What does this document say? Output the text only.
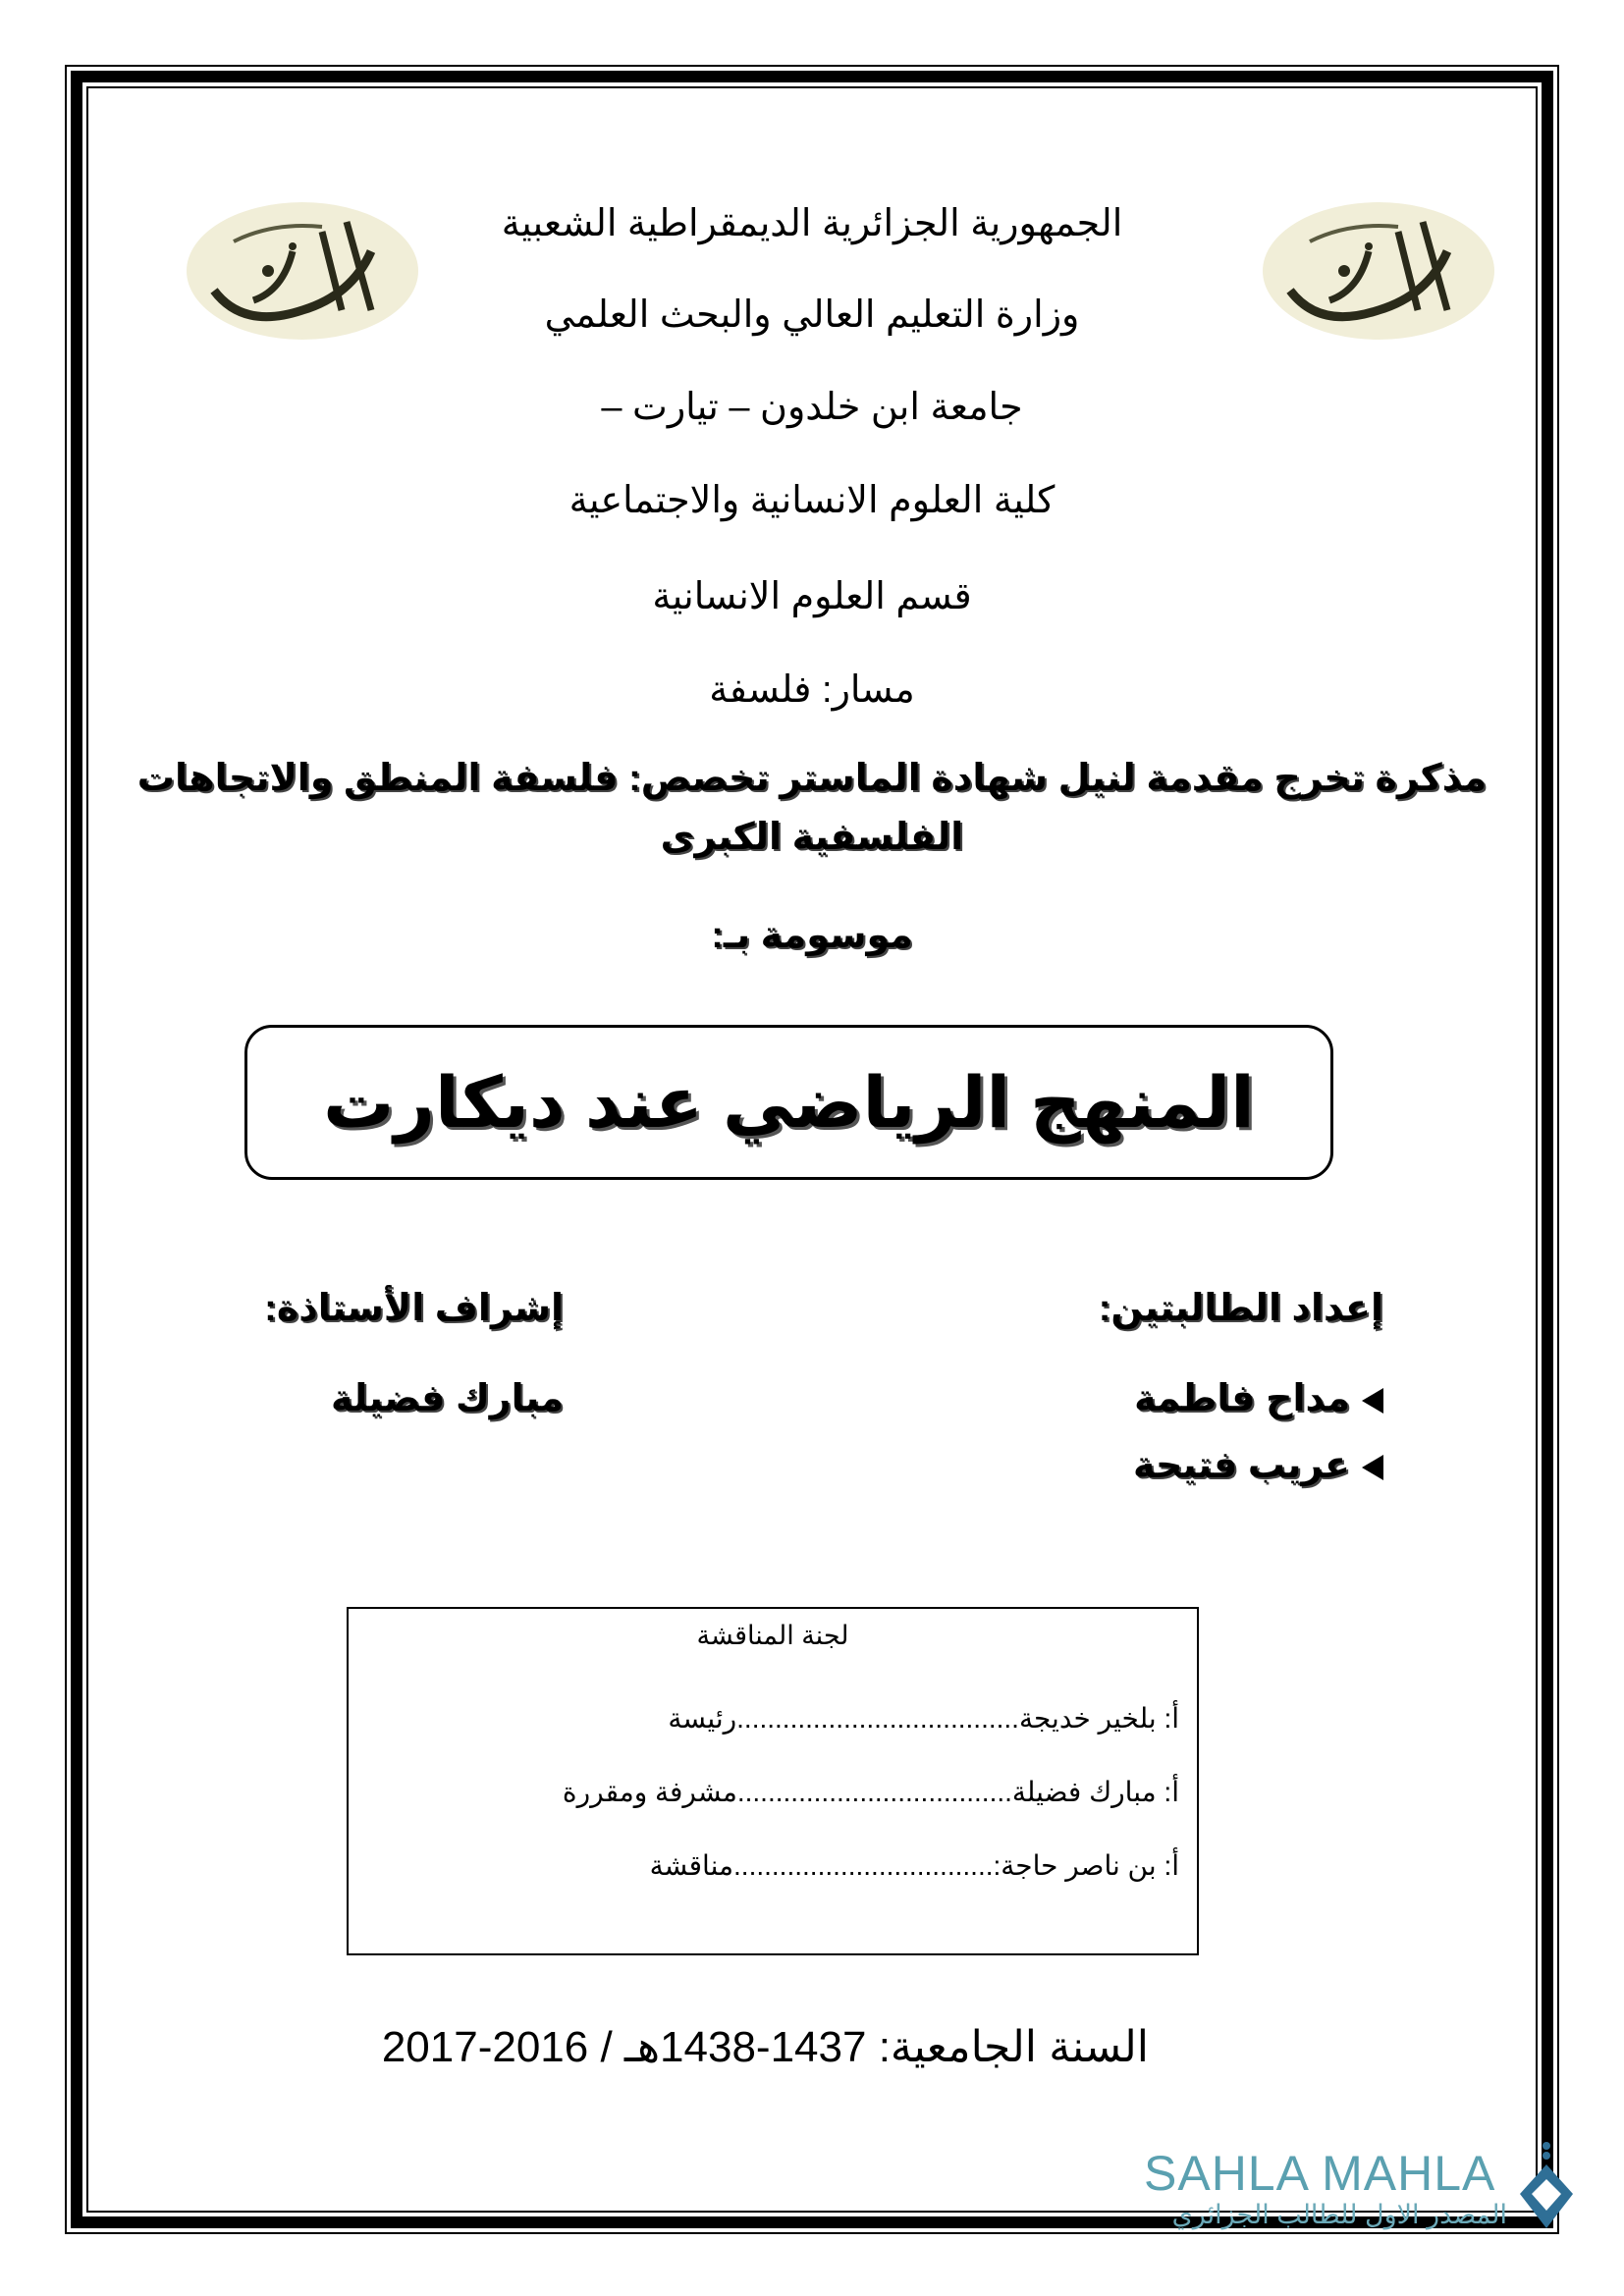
الجمهورية الجزائرية الديمقراطية الشعبية
وزارة التعليم العالي والبحث العلمي
جامعة ابن خلدون – تيارت –
كلية العلوم الانسانية والاجتماعية
قسم العلوم الانسانية
مسار: فلسفة
مذكرة تخرج مقدمة لنيل شهادة الماستر تخصص: فلسفة المنطق والاتجاهات
الفلسفية الكبرى
موسومة بـ:
المنهج الرياضي عند ديكارت
إعداد الطالبتين:
إشراف الأستاذة:
مداح فاطمة
عريب فتيحة
مبارك فضيلة
لجنة المناقشة
أ: بلخير خديجة.....................................رئيسة
أ: مبارك فضيلة....................................مشرفة ومقررة
أ: بن ناصر حاجة:..................................مناقشة
السنة الجامعية: 1437-1438هـ / 2016-2017
SAHLA MAHLA
المصدر الاول للطالب الجزائري
